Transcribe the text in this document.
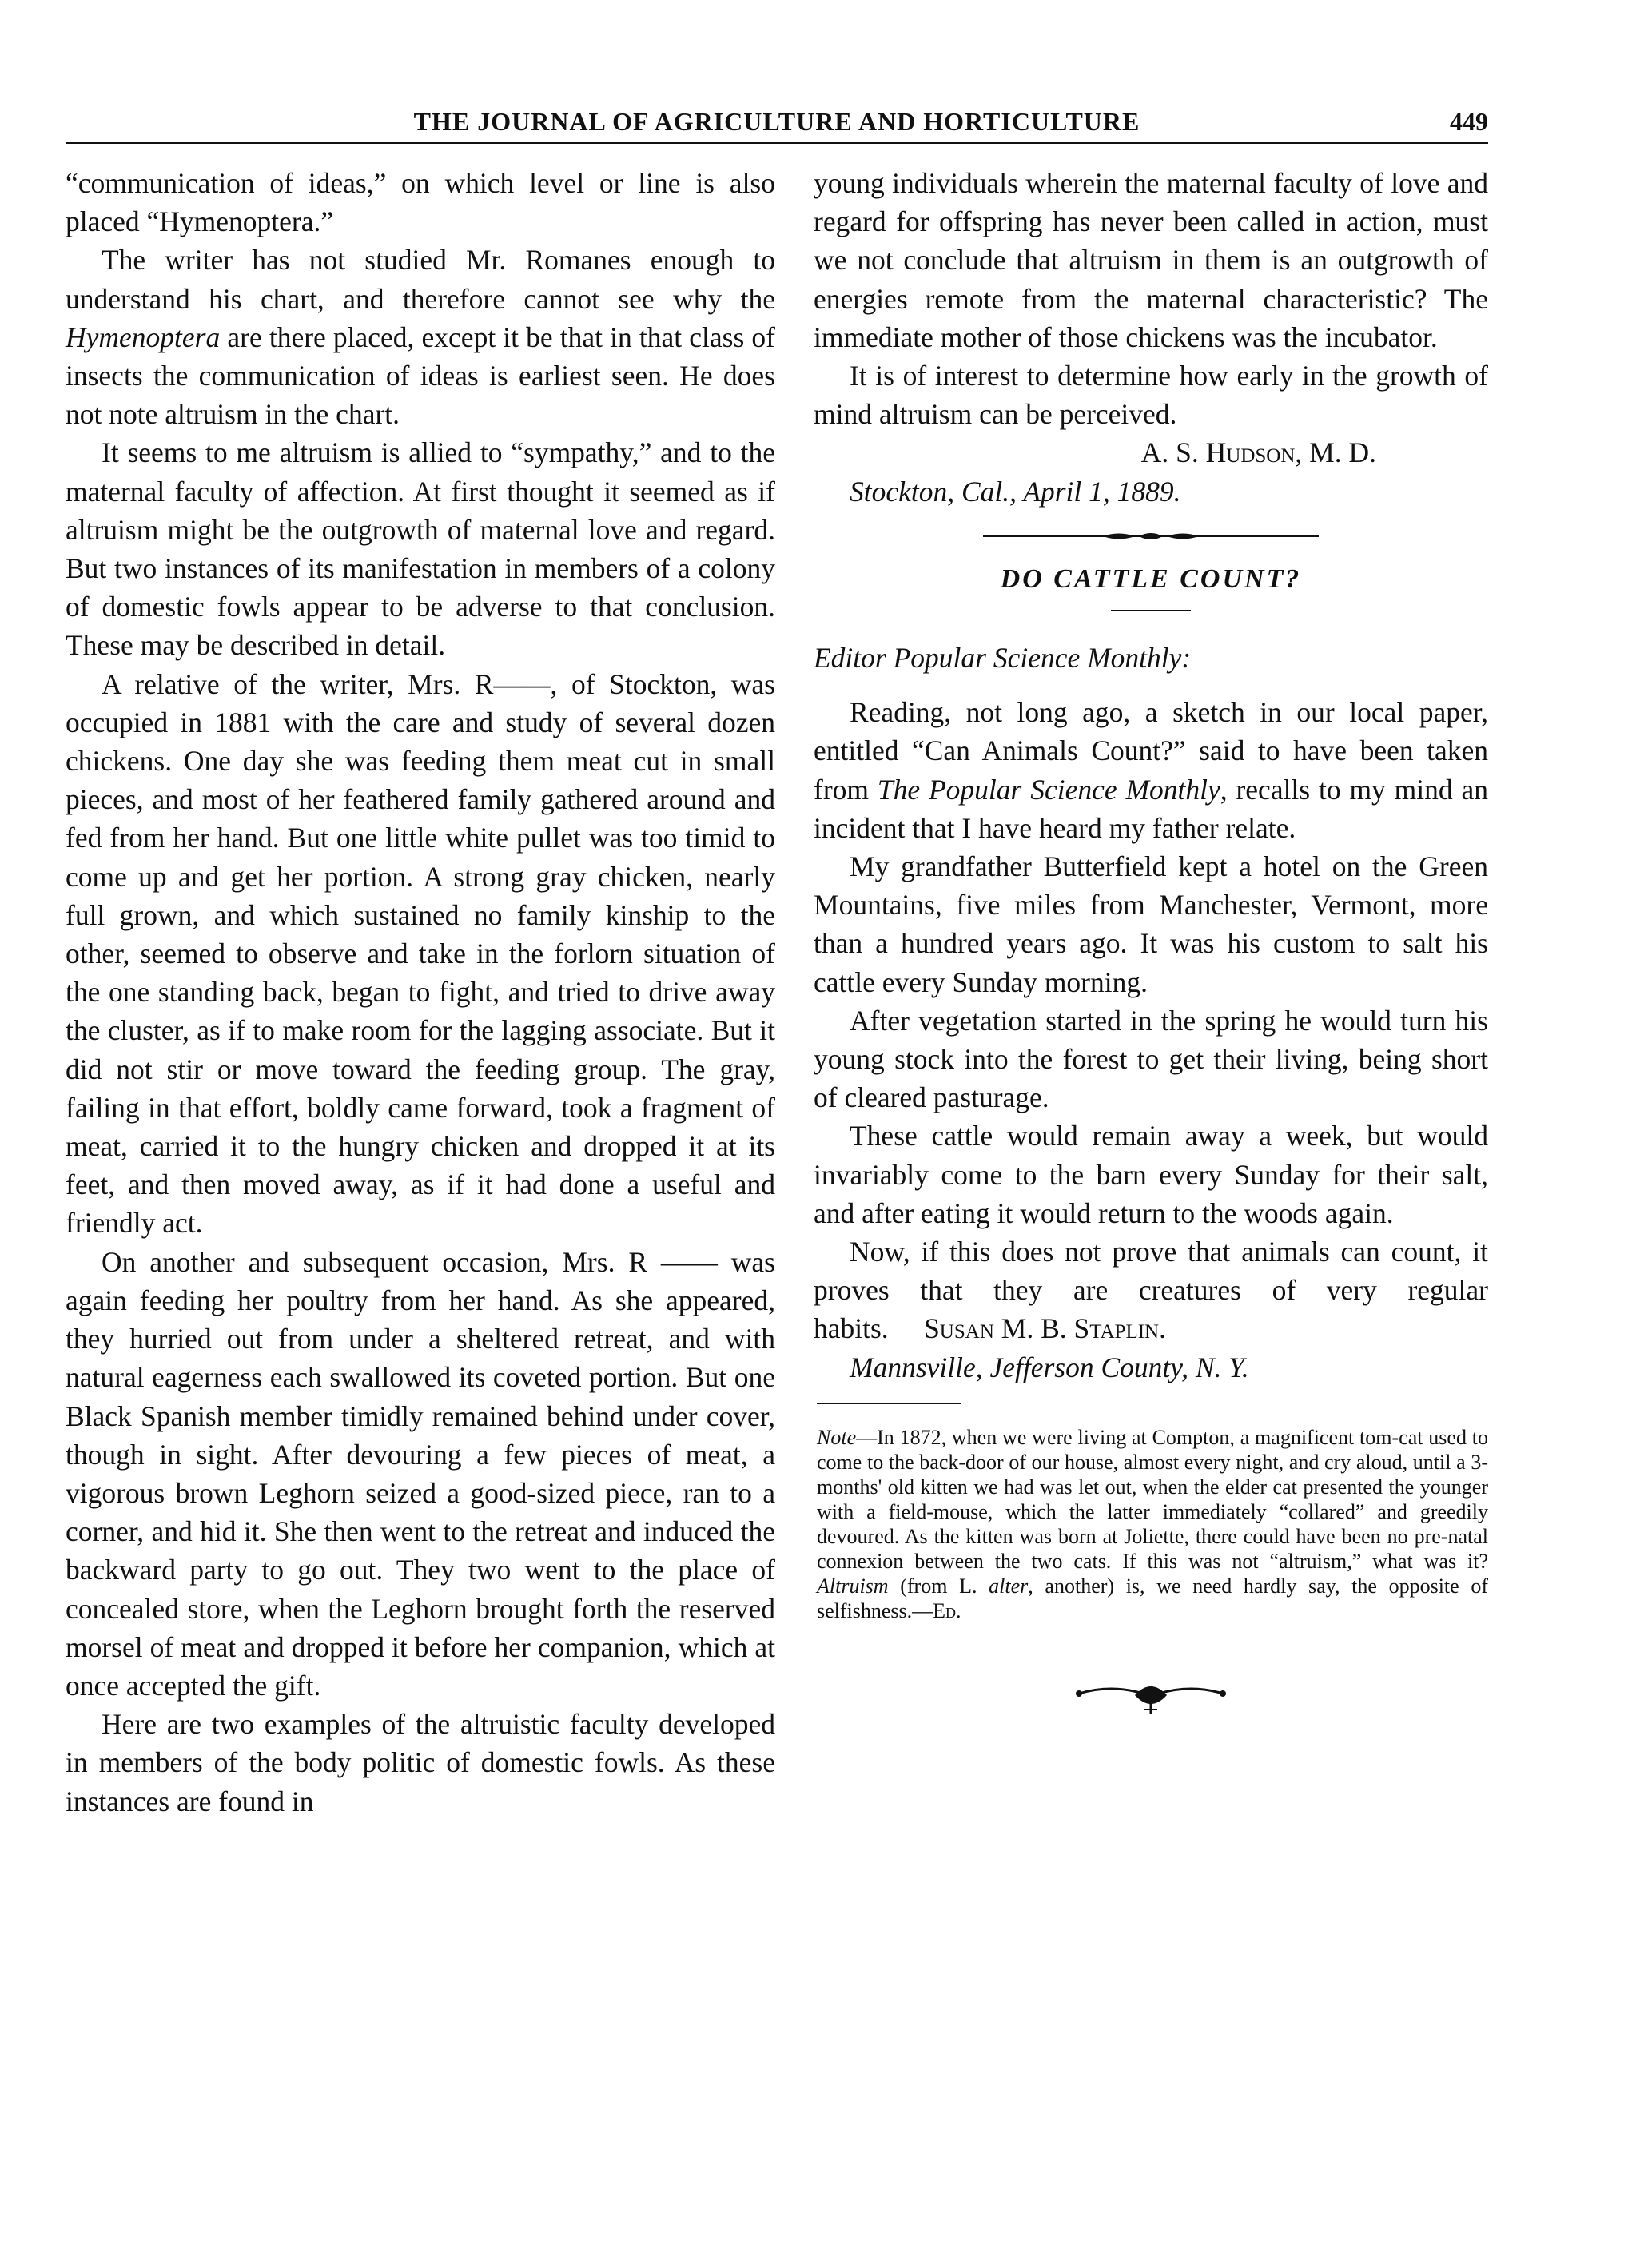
THE JOURNAL OF AGRICULTURE AND HORTICULTURE	449

“communication of ideas,” on which level or line is also placed “Hymenoptera.”

The writer has not studied Mr. Romanes enough to understand his chart, and therefore cannot see why the Hymenoptera are there placed, except it be that in that class of insects the communication of ideas is earliest seen. He does not note altruism in the chart.

It seems to me altruism is allied to “sympathy,” and to the maternal faculty of affection. At first thought it seemed as if altruism might be the outgrowth of maternal love and regard. But two instances of its manifestation in members of a colony of domestic fowls appear to be adverse to that conclusion. These may be described in detail.

A relative of the writer, Mrs. R——, of Stockton, was occupied in 1881 with the care and study of several dozen chickens. One day she was feeding them meat cut in small pieces, and most of her feathered family gathered around and fed from her hand. But one little white pullet was too timid to come up and get her portion. A strong gray chicken, nearly full grown, and which sustained no family kinship to the other, seemed to observe and take in the forlorn situation of the one standing back, began to fight, and tried to drive away the cluster, as if to make room for the lagging associate. But it did not stir or move toward the feeding group. The gray, failing in that effort, boldly came forward, took a fragment of meat, carried it to the hungry chicken and dropped it at its feet, and then moved away, as if it had done a useful and friendly act.

On another and subsequent occasion, Mrs. R —— was again feeding her poultry from her hand. As she appeared, they hurried out from under a sheltered retreat, and with natural eagerness each swallowed its coveted portion. But one Black Spanish member timidly remained behind under cover, though in sight. After devouring a few pieces of meat, a vigorous brown Leghorn seized a good-sized piece, ran to a corner, and hid it. She then went to the retreat and induced the backward party to go out. They two went to the place of concealed store, when the Leghorn brought forth the reserved morsel of meat and dropped it before her companion, which at once accepted the gift.

Here are two examples of the altruistic faculty developed in members of the body politic of domestic fowls. As these instances are found in

young individuals wherein the maternal faculty of love and regard for offspring has never been called in action, must we not conclude that altruism in them is an outgrowth of energies remote from the maternal characteristic? The immediate mother of those chickens was the incubator.

It is of interest to determine how early in the growth of mind altruism can be perceived.

A. S. Hudson, M. D.

Stockton, Cal., April 1, 1889.

DO CATTLE COUNT?

Editor Popular Science Monthly:

Reading, not long ago, a sketch in our local paper, entitled “Can Animals Count?” said to have been taken from The Popular Science Monthly, recalls to my mind an incident that I have heard my father relate.

My grandfather Butterfield kept a hotel on the Green Mountains, five miles from Manchester, Vermont, more than a hundred years ago. It was his custom to salt his cattle every Sunday morning.

After vegetation started in the spring he would turn his young stock into the forest to get their living, being short of cleared pasturage.

These cattle would remain away a week, but would invariably come to the barn every Sunday for their salt, and after eating it would return to the woods again.

Now, if this does not prove that animals can count, it proves that they are creatures of very regular habits. Susan M. B. Staplin.

Mannsville, Jefferson County, N. Y.

Note—In 1872, when we were living at Compton, a magnificent tom-cat used to come to the back-door of our house, almost every night, and cry aloud, until a 3-months' old kitten we had was let out, when the elder cat presented the younger with a field-mouse, which the latter immediately “collared” and greedily devoured. As the kitten was born at Joliette, there could have been no pre-natal connexion between the two cats. If this was not “altruism,” what was it? Altruism (from L. alter, another) is, we need hardly say, the opposite of selfishness.—Ed.
